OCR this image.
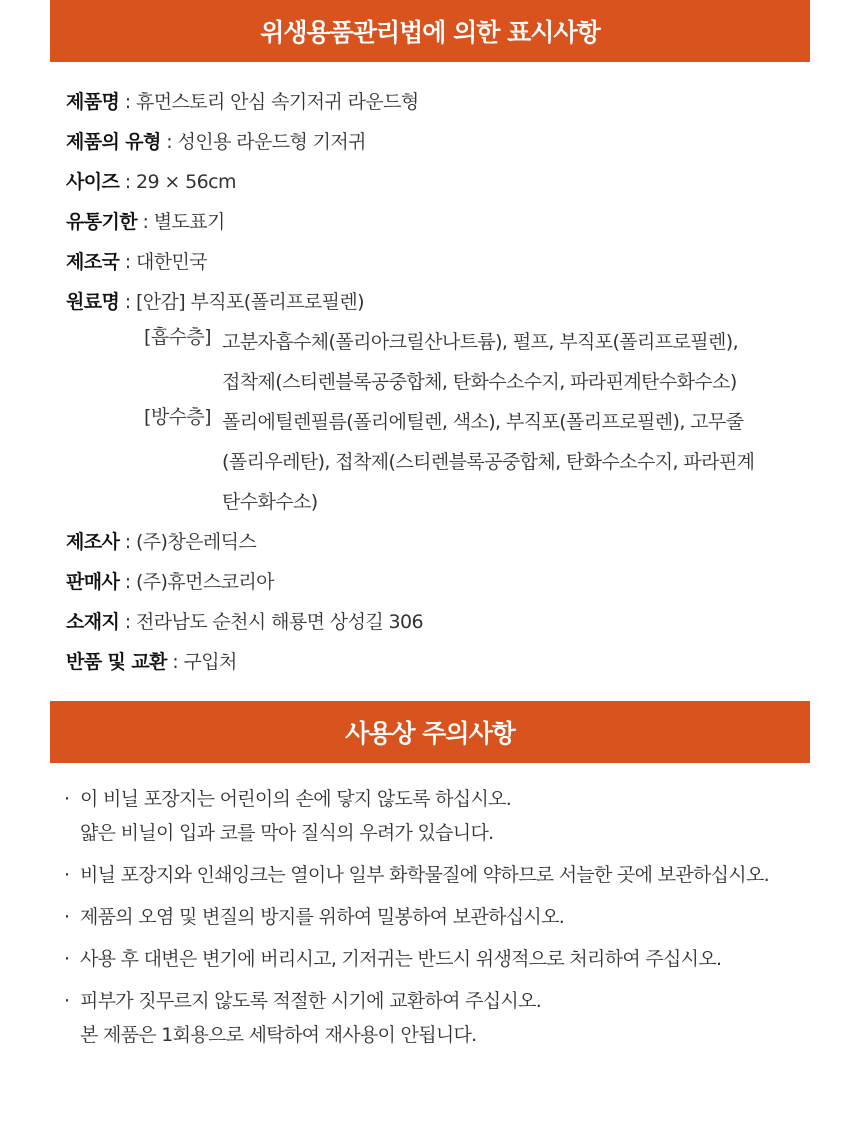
위생용품관리법에 의한 표시사항
제품명 : 휴먼스토리 안심 속기저귀 라운드형
제품의 유형 : 성인용 라운드형 기저귀
사이즈 : 29 × 56cm
유통기한 : 별도표기
제조국 : 대한민국
원료명 : [안감] 부직포(폴리프로필렌)
[흡수층] 고분자흡수체(폴리아크릴산나트륨), 펄프, 부직포(폴리프로필렌),
접착제(스티렌블록공중합체, 탄화수소수지, 파라핀계탄수화수소)
[방수층] 폴리에틸렌필름(폴리에틸렌, 색소), 부직포(폴리프로필렌), 고무줄
(폴리우레탄), 접착제(스티렌블록공중합체, 탄화수소수지, 파라핀계
탄수화수소)
제조사 : (주)창은레딕스
판매사 : (주)휴먼스코리아
소재지 : 전라남도 순천시 해룡면 상성길 306
반품 및 교환 : 구입처
사용상 주의사항
· 이 비닐 포장지는 어린이의 손에 닿지 않도록 하십시오.
얇은 비닐이 입과 코를 막아 질식의 우려가 있습니다.
· 비닐 포장지와 인쇄잉크는 열이나 일부 화학물질에 약하므로 서늘한 곳에 보관하십시오.
· 제품의 오염 및 변질의 방지를 위하여 밀봉하여 보관하십시오.
· 사용 후 대변은 변기에 버리시고, 기저귀는 반드시 위생적으로 처리하여 주십시오.
· 피부가 짓무르지 않도록 적절한 시기에 교환하여 주십시오.
본 제품은 1회용으로 세탁하여 재사용이 안됩니다.
